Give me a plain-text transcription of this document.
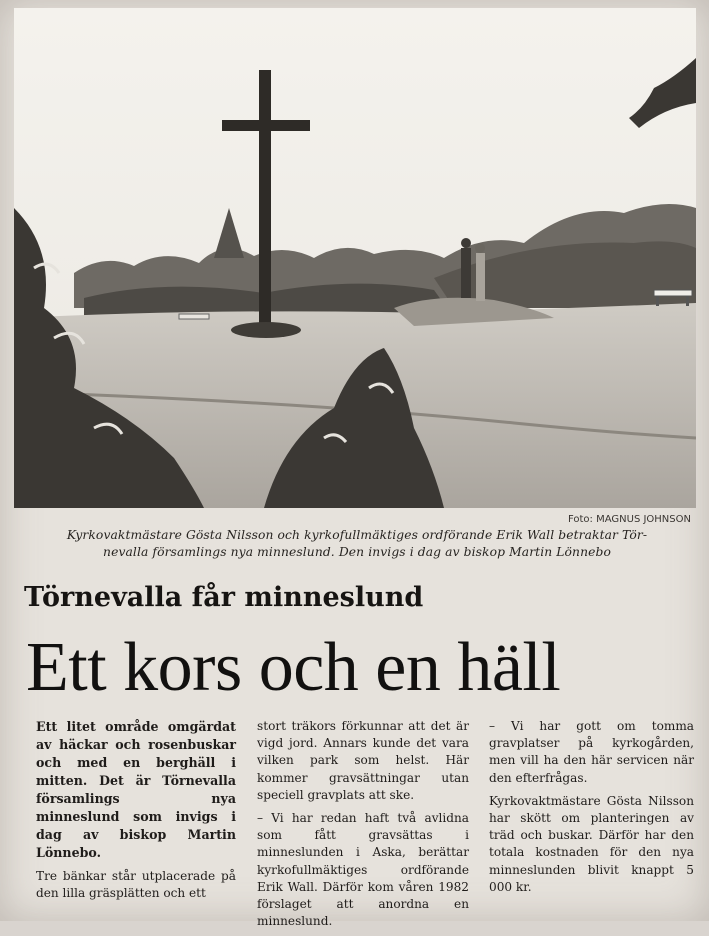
Foto: MAGNUS JOHNSON
Kyrkovaktmästare Gösta Nilsson och kyrkofullmäktiges ordförande Erik Wall betraktar Tör-
nevalla församlings nya minneslund. Den invigs i dag av biskop Martin Lönnebo
Törnevalla får minneslund
Ett kors och en häll

Ett litet område omgärdat av häckar och rosenbuskar och med en berghäll i mitten. Det är Törnevalla församlings nya minneslund som invigs i dag av biskop Martin Lönnebo.

Tre bänkar står utplacerade på den lilla gräsplätten och ett

stort träkors förkunnar att det är vigd jord. Annars kunde det vara vilken park som helst. Här kommer gravsättningar utan speciell gravplats att ske.

– Vi har redan haft två avlidna som fått gravsättas i minneslunden i Aska, berättar kyrkofullmäktiges ordförande Erik Wall. Därför kom våren 1982 förslaget att anordna en minneslund.

– Vi har gott om tomma gravplatser på kyrkogården, men vill ha den här servicen när den efterfrågas.

Kyrkovaktmästare Gösta Nilsson har skött om planteringen av träd och buskar. Därför har den totala kostnaden för den nya minneslunden blivit knappt 5 000 kr.
